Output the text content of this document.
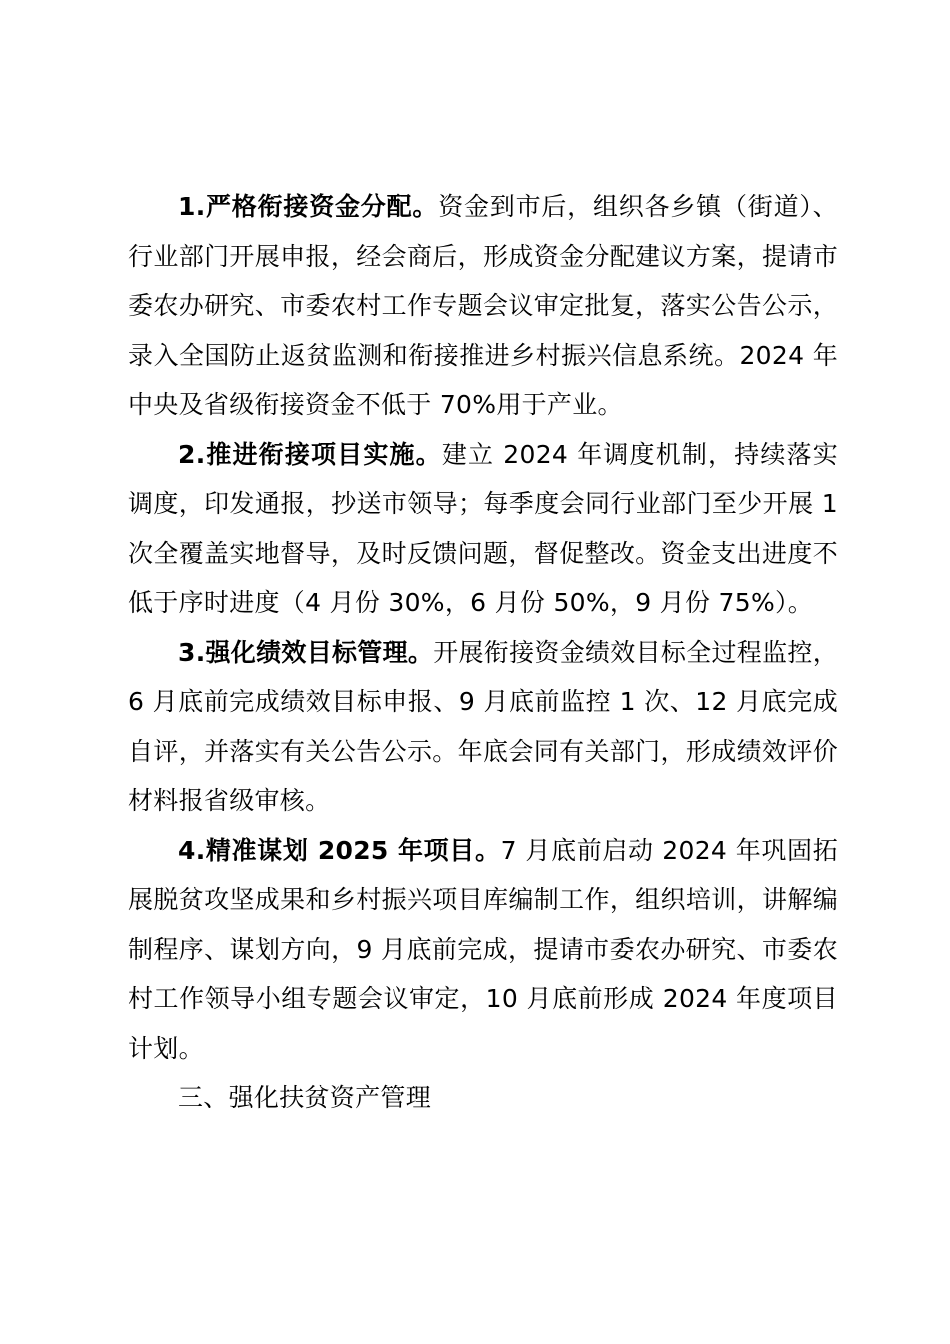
1.严格衔接资金分配。资金到市后，组织各乡镇（街道）、行业部门开展申报，经会商后，形成资金分配建议方案，提请市委农办研究、市委农村工作专题会议审定批复，落实公告公示，录入全国防止返贫监测和衔接推进乡村振兴信息系统。2024 年中央及省级衔接资金不低于 70%用于产业。

2.推进衔接项目实施。建立 2024 年调度机制，持续落实调度，印发通报，抄送市领导；每季度会同行业部门至少开展 1 次全覆盖实地督导，及时反馈问题，督促整改。资金支出进度不低于序时进度（4 月份 30%，6 月份 50%，9 月份 75%）。

3.强化绩效目标管理。开展衔接资金绩效目标全过程监控，6 月底前完成绩效目标申报、9 月底前监控 1 次、12 月底完成自评，并落实有关公告公示。年底会同有关部门，形成绩效评价材料报省级审核。

4.精准谋划 2025 年项目。7 月底前启动 2024 年巩固拓展脱贫攻坚成果和乡村振兴项目库编制工作，组织培训，讲解编制程序、谋划方向，9 月底前完成，提请市委农办研究、市委农村工作领导小组专题会议审定，10 月底前形成 2024 年度项目计划。

三、强化扶贫资产管理
